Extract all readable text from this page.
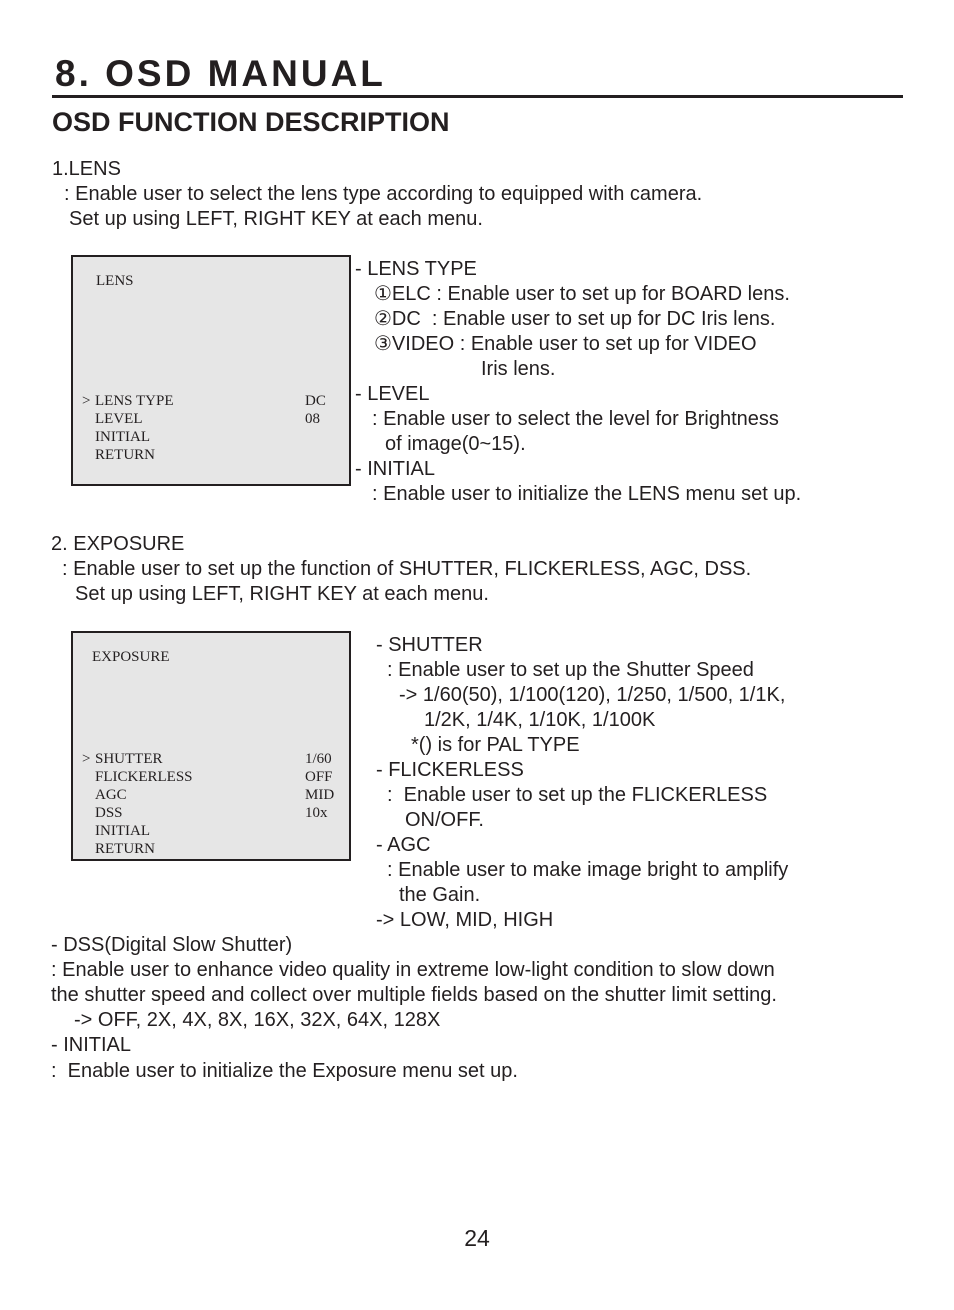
8. OSD MANUAL
OSD FUNCTION DESCRIPTION
1.LENS
: Enable user to select the lens type according to equipped with camera.
Set up using LEFT, RIGHT KEY at each menu.
LENS
> LENS TYPE	DC
LEVEL	08
INITIAL
RETURN
- LENS TYPE
①ELC : Enable user to set up for BOARD lens.
②DC  : Enable user to set up for DC Iris lens.
③VIDEO : Enable user to set up for VIDEO
Iris lens.
- LEVEL
: Enable user to select the level for Brightness
of image(0~15).
- INITIAL
: Enable user to initialize the LENS menu set up.
2. EXPOSURE
: Enable user to set up the function of SHUTTER, FLICKERLESS, AGC, DSS.
Set up using LEFT, RIGHT KEY at each menu.
EXPOSURE
> SHUTTER	1/60
FLICKERLESS	OFF
AGC	MID
DSS	10x
INITIAL
RETURN
- SHUTTER
: Enable user to set up the Shutter Speed
-> 1/60(50), 1/100(120), 1/250, 1/500, 1/1K,
1/2K, 1/4K, 1/10K, 1/100K
*() is for PAL TYPE
- FLICKERLESS
:  Enable user to set up the FLICKERLESS
ON/OFF.
- AGC
: Enable user to make image bright to amplify
the Gain.
-> LOW, MID, HIGH
- DSS(Digital Slow Shutter)
: Enable user to enhance video quality in extreme low-light condition to slow down
the shutter speed and collect over multiple fields based on the shutter limit setting.
-> OFF, 2X, 4X, 8X, 16X, 32X, 64X, 128X
- INITIAL
:  Enable user to initialize the Exposure menu set up.
24
